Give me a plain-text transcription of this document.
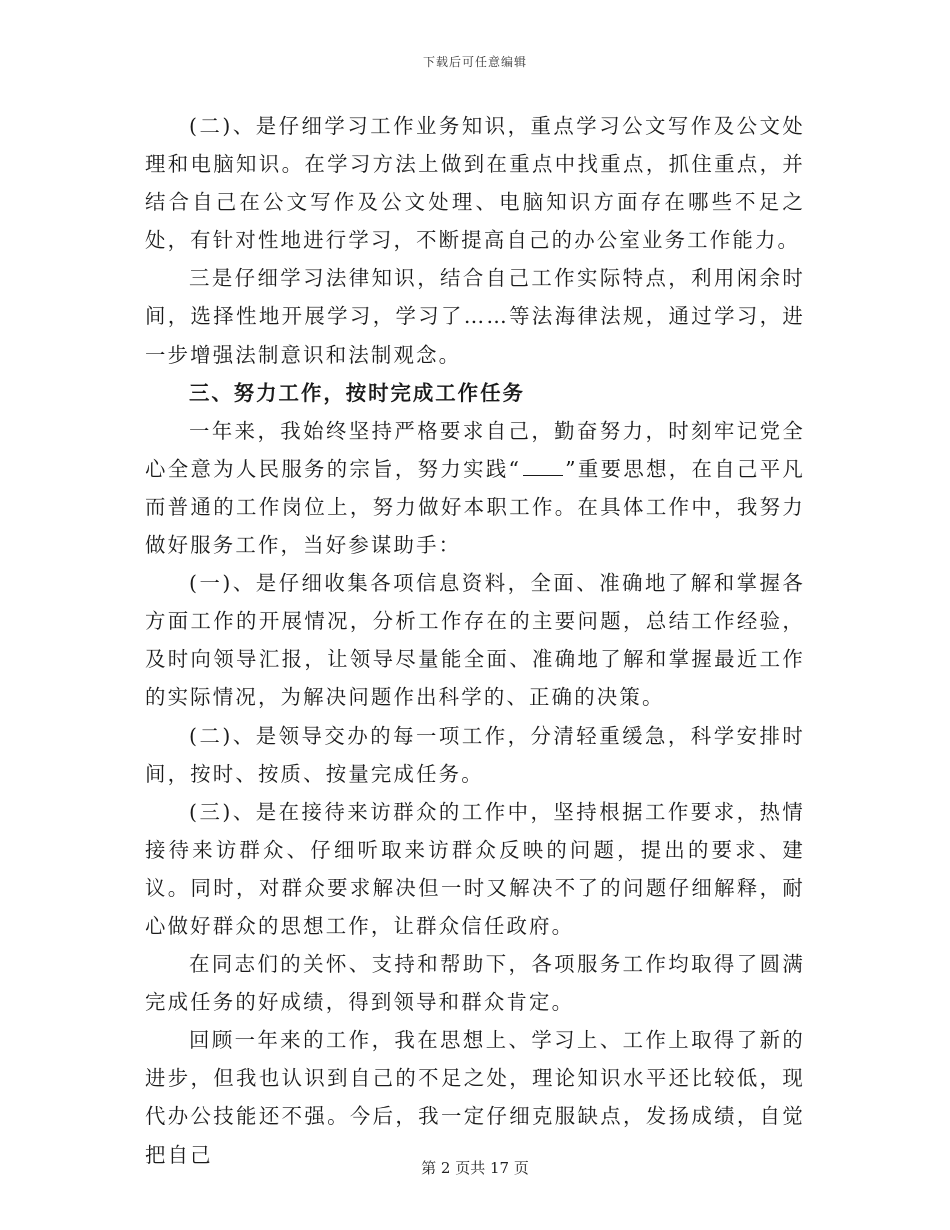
下载后可任意编辑

(二)、是仔细学习工作业务知识，重点学习公文写作及公文处理和电脑知识。在学习方法上做到在重点中找重点，抓住重点，并结合自己在公文写作及公文处理、电脑知识方面存在哪些不足之处，有针对性地进行学习，不断提高自己的办公室业务工作能力。

三是仔细学习法律知识，结合自己工作实际特点，利用闲余时间，选择性地开展学习，学习了……等法海律法规，通过学习，进一步增强法制意识和法制观念。

三、努力工作，按时完成工作任务

一年来，我始终坚持严格要求自己，勤奋努力，时刻牢记党全心全意为人民服务的宗旨，努力实践“ ”重要思想，在自己平凡而普通的工作岗位上，努力做好本职工作。在具体工作中，我努力做好服务工作，当好参谋助手：

(一)、是仔细收集各项信息资料，全面、准确地了解和掌握各方面工作的开展情况，分析工作存在的主要问题，总结工作经验，及时向领导汇报，让领导尽量能全面、准确地了解和掌握最近工作的实际情况，为解决问题作出科学的、正确的决策。

(二)、是领导交办的每一项工作，分清轻重缓急，科学安排时间，按时、按质、按量完成任务。

(三)、是在接待来访群众的工作中，坚持根据工作要求，热情接待来访群众、仔细听取来访群众反映的问题，提出的要求、建议。同时，对群众要求解决但一时又解决不了的问题仔细解释，耐心做好群众的思想工作，让群众信任政府。

在同志们的关怀、支持和帮助下，各项服务工作均取得了圆满完成任务的好成绩，得到领导和群众肯定。

回顾一年来的工作，我在思想上、学习上、工作上取得了新的进步，但我也认识到自己的不足之处，理论知识水平还比较低，现代办公技能还不强。今后，我一定仔细克服缺点，发扬成绩，自觉把自己

第 2 页共 17 页
